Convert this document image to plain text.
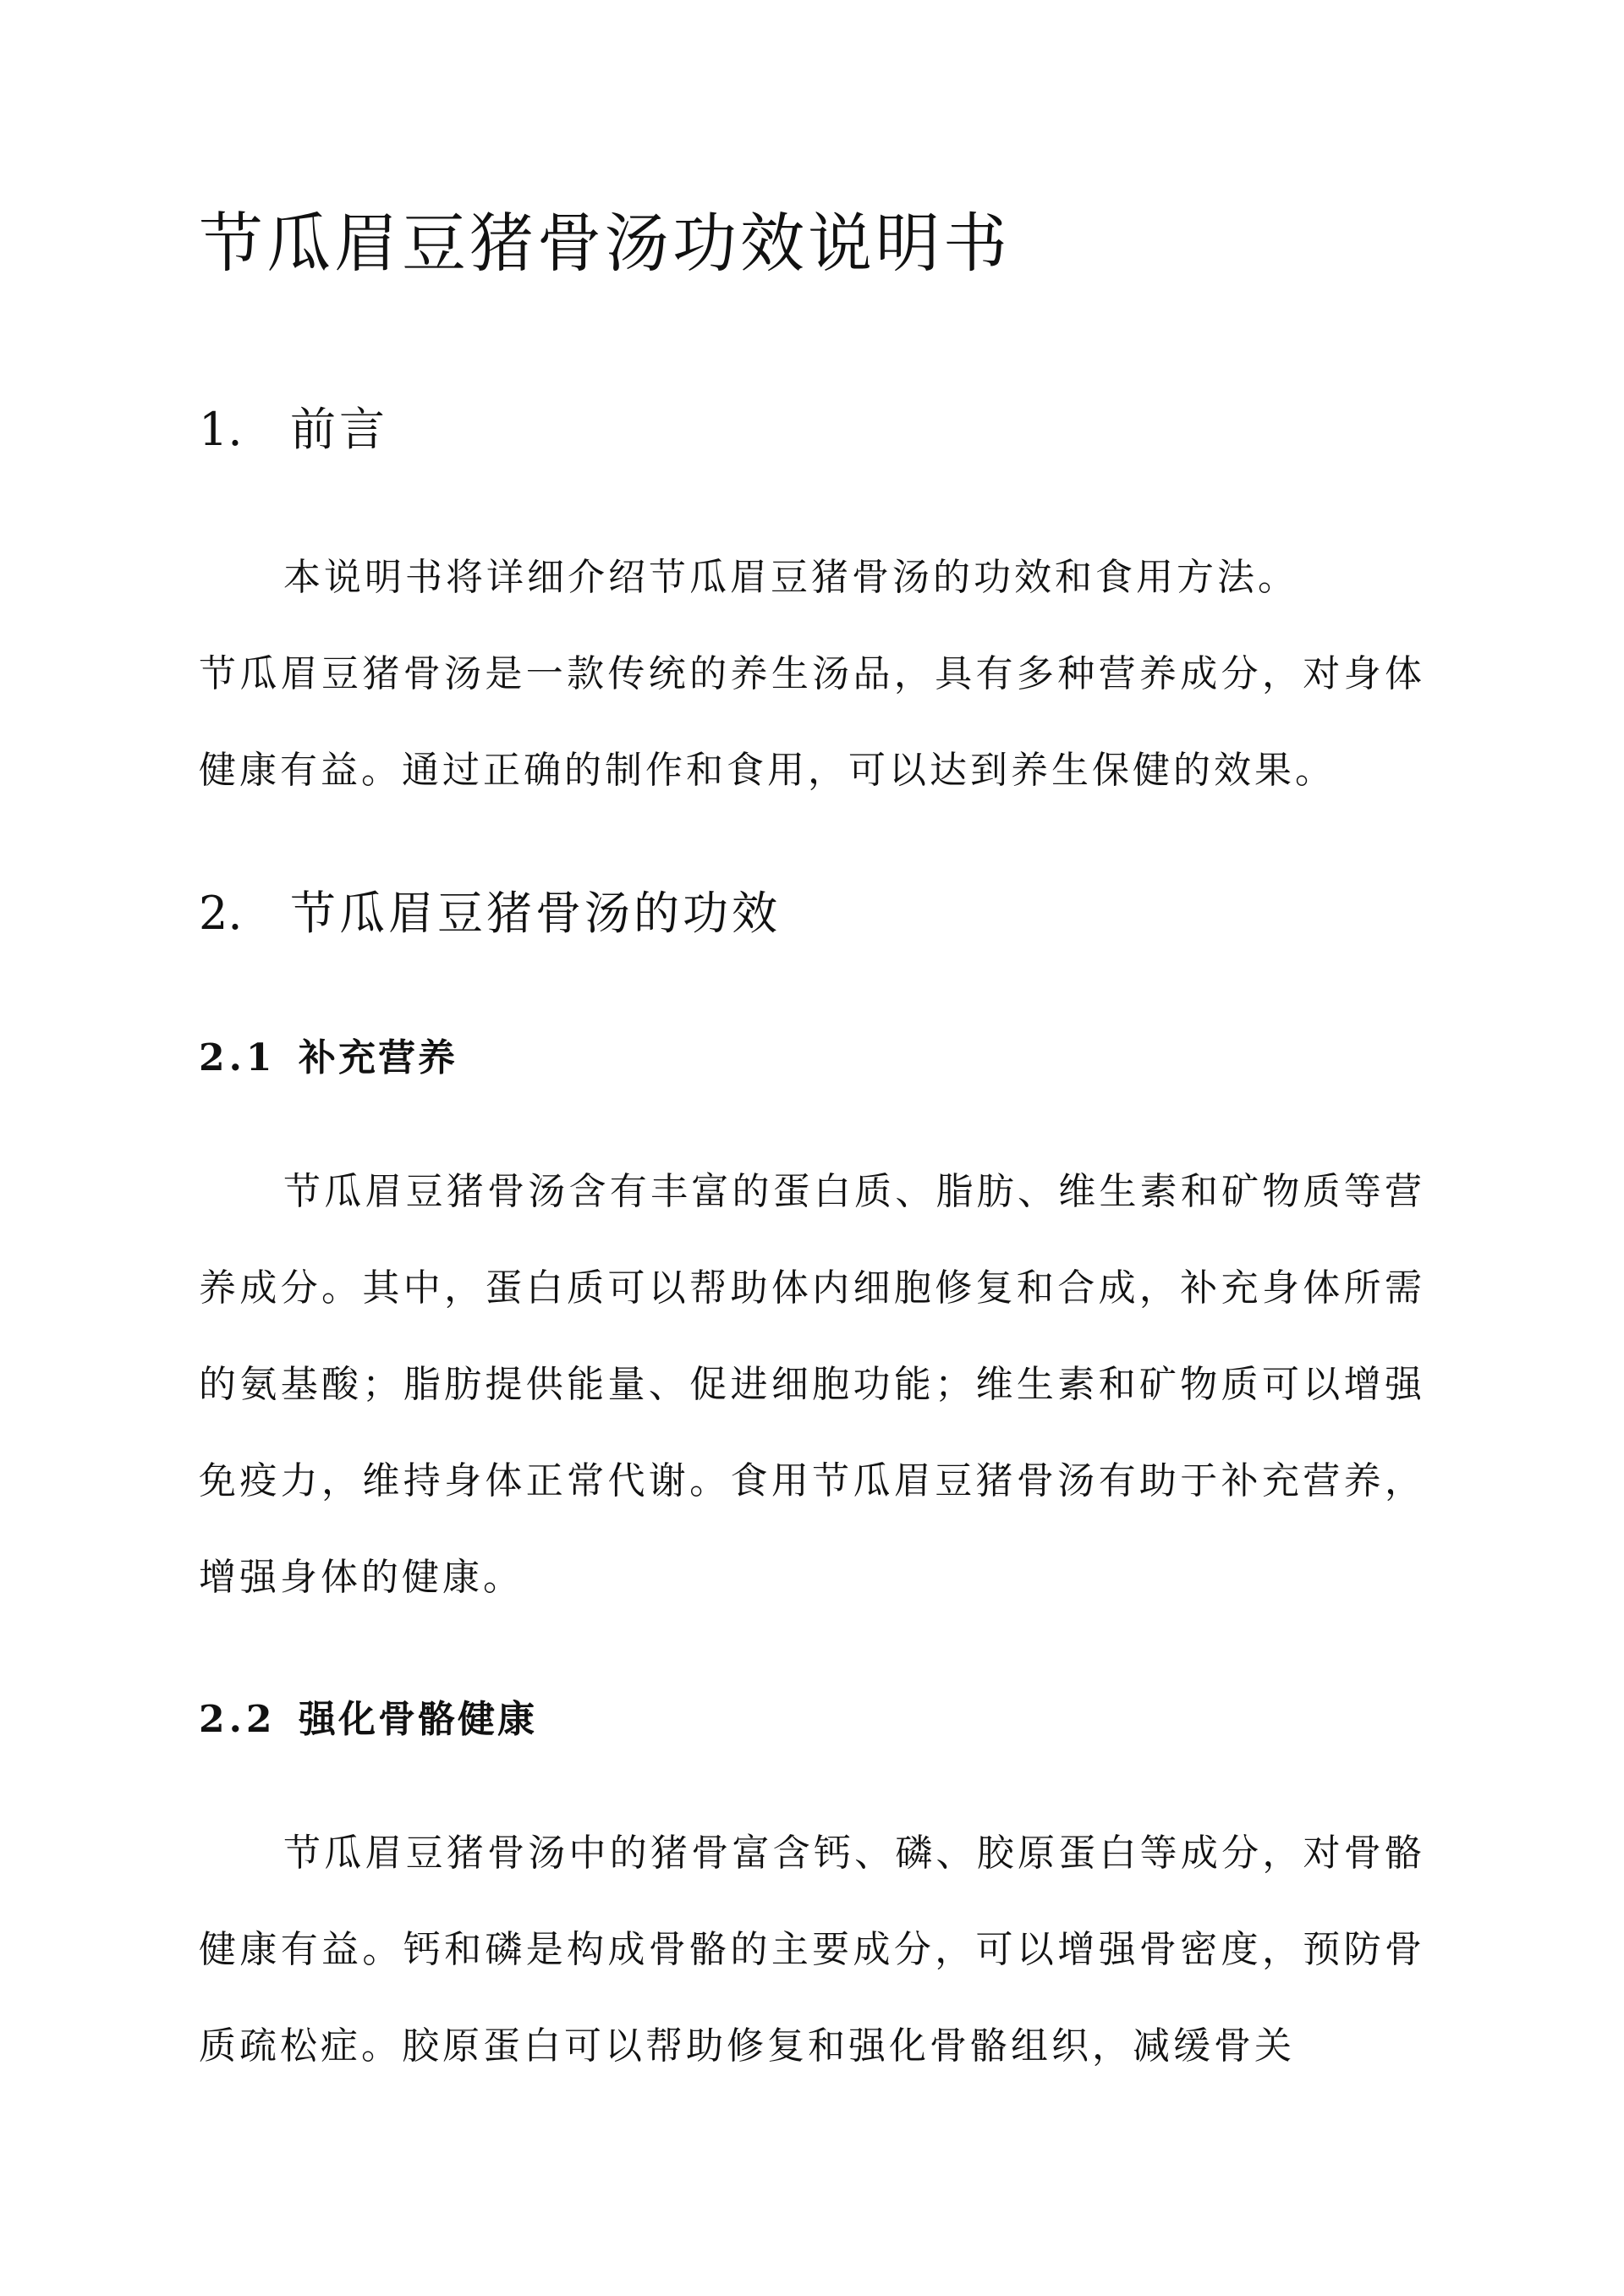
节瓜眉豆猪骨汤功效说明书
1. 前言

本说明书将详细介绍节瓜眉豆猪骨汤的功效和食用方法。

节瓜眉豆猪骨汤是一款传统的养生汤品，具有多种营养成分，对身体健康有益。通过正确的制作和食用，可以达到养生保健的效果。

2. 节瓜眉豆猪骨汤的功效
2.1 补充营养

节瓜眉豆猪骨汤含有丰富的蛋白质、脂肪、维生素和矿物质等营养成分。其中，蛋白质可以帮助体内细胞修复和合成，补充身体所需的氨基酸；脂肪提供能量、促进细胞功能；维生素和矿物质可以增强免疫力，维持身体正常代谢。食用节瓜眉豆猪骨汤有助于补充营养，增强身体的健康。

2.2 强化骨骼健康

节瓜眉豆猪骨汤中的猪骨富含钙、磷、胶原蛋白等成分，对骨骼健康有益。钙和磷是构成骨骼的主要成分，可以增强骨密度，预防骨质疏松症。胶原蛋白可以帮助修复和强化骨骼组织，减缓骨关
